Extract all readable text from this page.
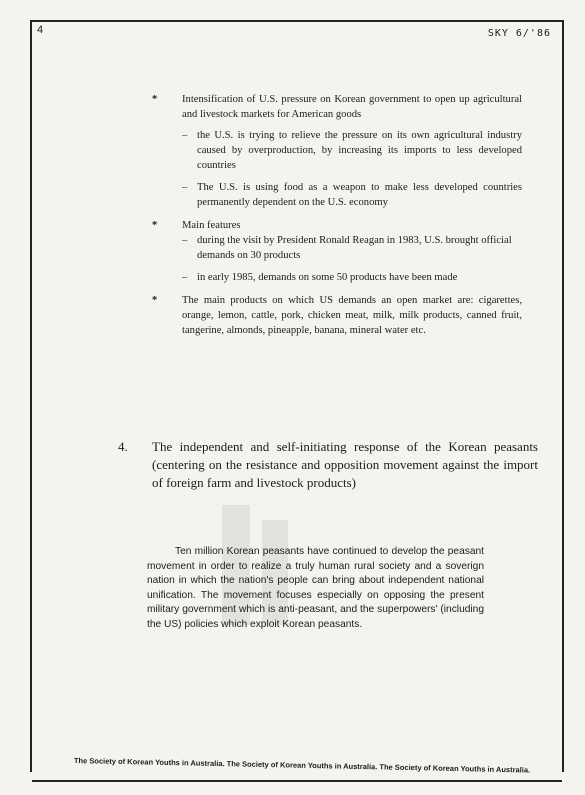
4	SKY 6/'86
* Intensification of U.S. pressure on Korean government to open up agricultural and livestock markets for American goods
– the U.S. is trying to relieve the pressure on its own agricultural industry caused by overproduction, by increasing its imports to less developed countries
– The U.S. is using food as a weapon to make less developed countries permanently dependent on the U.S. economy
* Main features
– during the visit by President Ronald Reagan in 1983, U.S. brought official demands on 30 products
– in early 1985, demands on some 50 products have been made
* The main products on which US demands an open market are: cigarettes, orange, lemon, cattle, pork, chicken meat, milk, milk products, canned fruit, tangerine, almonds, pineapple, banana, mineral water etc.
4.	The independent and self-initiating response of the Korean peasants (centering on the resistance and opposition movement against the import of foreign farm and livestock products)
Ten million Korean peasants have continued to develop the peasant movement in order to realize a truly human rural society and a soverign nation in which the nation's people can bring about independent national unification. The movement focuses especially on opposing the present military government which is anti-peasant, and the superpowers' (including the US) policies which exploit Korean peasants.
The Society of Korean Youths in Australia. The Society of Korean Youths in Australia. The Society of Korean Youths in Australia.
